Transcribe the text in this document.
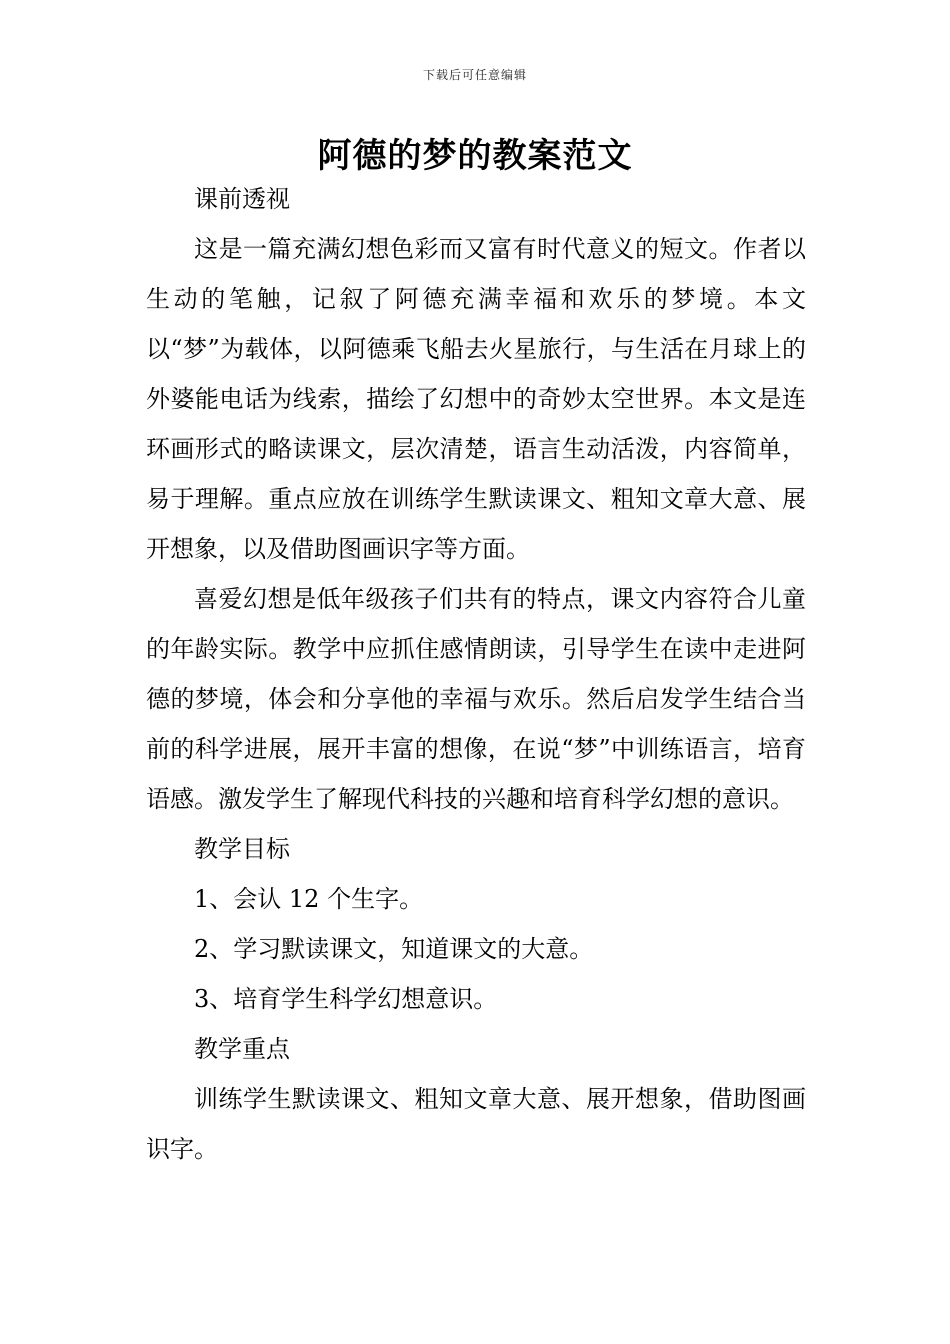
下载后可任意编辑
阿德的梦的教案范文

课前透视

这是一篇充满幻想色彩而又富有时代意义的短文。作者以生动的笔触，记叙了阿德充满幸福和欢乐的梦境。本文以“梦”为载体，以阿德乘飞船去火星旅行，与生活在月球上的外婆能电话为线索，描绘了幻想中的奇妙太空世界。本文是连环画形式的略读课文，层次清楚，语言生动活泼，内容简单，易于理解。重点应放在训练学生默读课文、粗知文章大意、展开想象，以及借助图画识字等方面。

喜爱幻想是低年级孩子们共有的特点，课文内容符合儿童的年龄实际。教学中应抓住感情朗读，引导学生在读中走进阿德的梦境，体会和分享他的幸福与欢乐。然后启发学生结合当前的科学进展，展开丰富的想像，在说“梦”中训练语言，培育语感。激发学生了解现代科技的兴趣和培育科学幻想的意识。

教学目标

1、会认 12 个生字。

2、学习默读课文，知道课文的大意。

3、培育学生科学幻想意识。

教学重点

训练学生默读课文、粗知文章大意、展开想象，借助图画识字。
